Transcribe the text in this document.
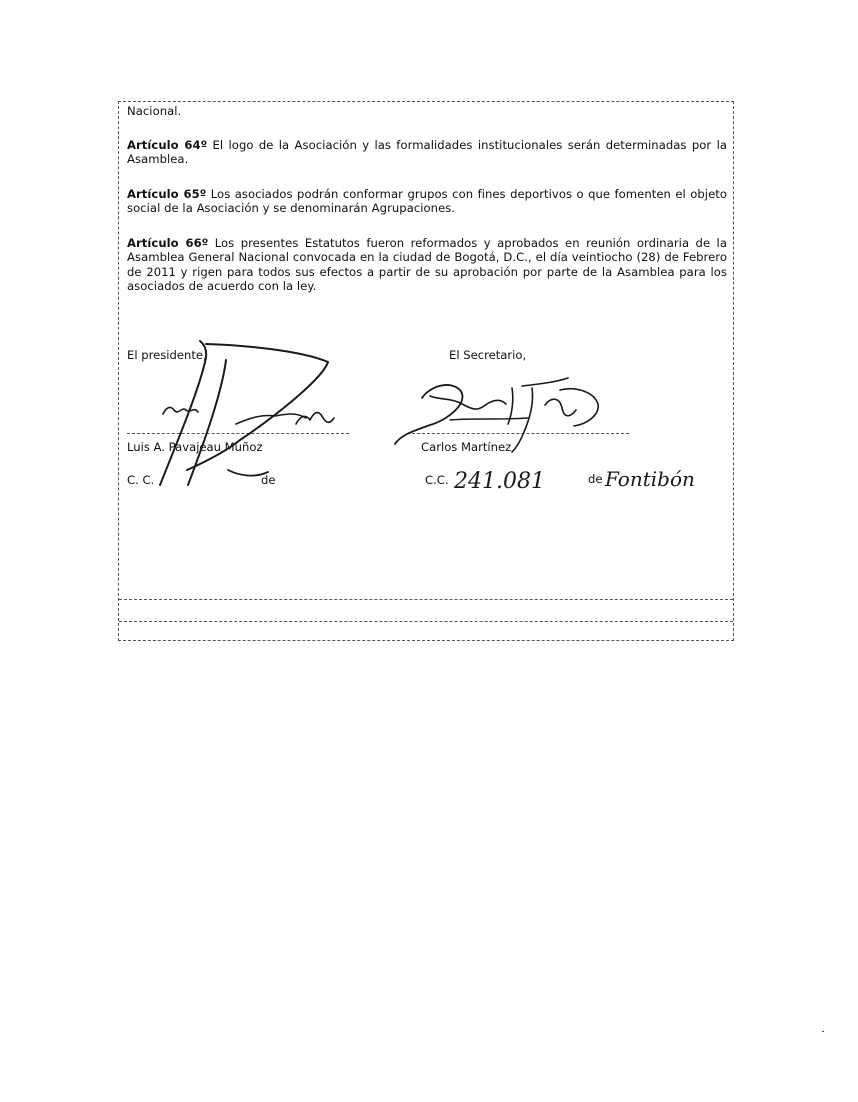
Nacional.
Artículo 64º El logo de la Asociación y las formalidades institucionales serán determinadas por la Asamblea.
Artículo 65º Los asociados podrán conformar grupos con fines deportivos o que fomenten el objeto social de la Asociación y se denominarán Agrupaciones.
Artículo 66º Los presentes Estatutos fueron reformados y aprobados en reunión ordinaria de la Asamblea General Nacional convocada en la ciudad de Bogotá, D.C., el día veintiocho (28) de Febrero de 2011 y rigen para todos sus efectos a partir de su aprobación por parte de la Asamblea para los asociados de acuerdo con la ley.
El presidente,
Luis A. Pavajeau Muñoz
C. C.	de
El Secretario,
Carlos Martínez
C.C. 241.081	Fontibón
de
